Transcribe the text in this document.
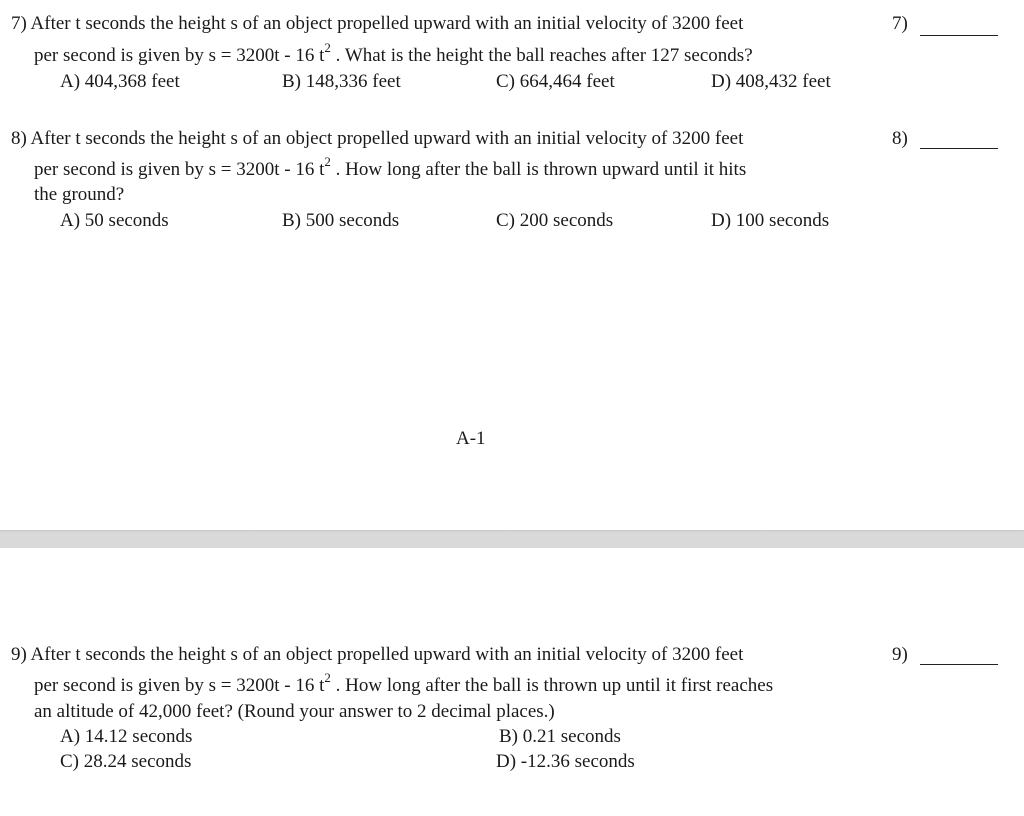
7) After t seconds the height s of an object propelled upward with an initial velocity of 3200 feet
per second is given by s = 3200t - 16 $t^2$ . What is the height the ball reaches after 127 seconds?
A) 404,368 feet	B) 148,336 feet	C) 664,464 feet	D) 408,432 feet
7)
8) After t seconds the height s of an object propelled upward with an initial velocity of 3200 feet
per second is given by s = 3200t - 16 $t^2$ . How long after the ball is thrown upward until it hits
the ground?
A) 50 seconds	B) 500 seconds	C) 200 seconds	D) 100 seconds
8)
A-1
9) After t seconds the height s of an object propelled upward with an initial velocity of 3200 feet
per second is given by s = 3200t - 16 $t^2$ . How long after the ball is thrown up until it first reaches
an altitude of 42,000 feet? (Round your answer to 2 decimal places.)
A) 14.12 seconds	B) 0.21 seconds
C) 28.24 seconds	D) -12.36 seconds
9)
